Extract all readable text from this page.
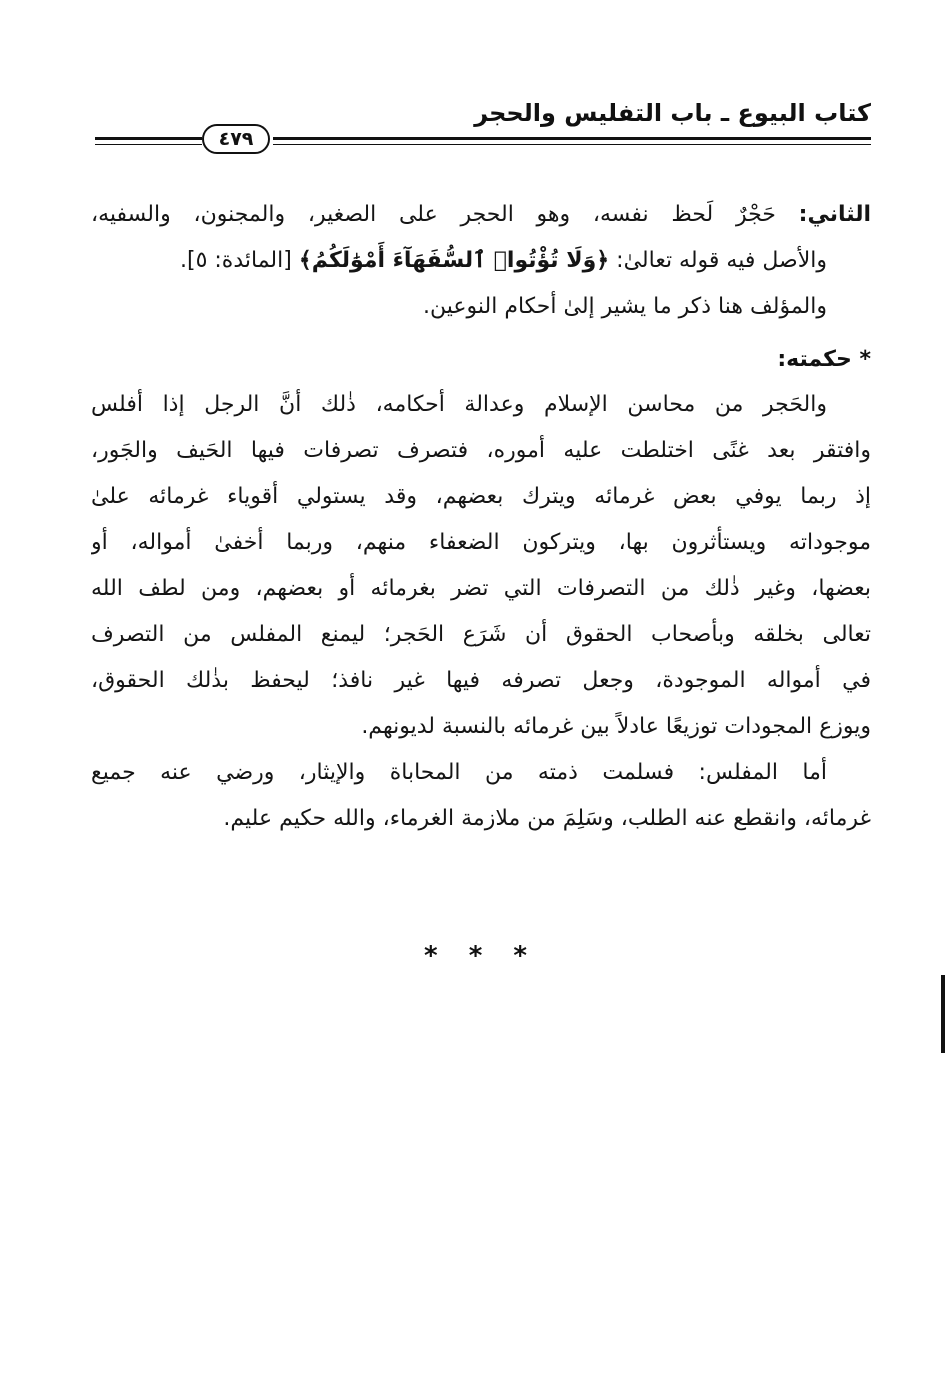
كتاب البيوع ـ باب التفليس والحجر
٤٧٩
الثاني: حَجْرٌ لَحظ نفسه، وهو الحجر على الصغير، والمجنون، والسفيه،
والأصل فيه قوله تعالىٰ: ﴿وَلَا تُؤْتُوا۟ ٱلسُّفَهَآءَ أَمْوَٰلَكُمُ﴾ [المائدة: ٥].
والمؤلف هنا ذكر ما يشير إلىٰ أحكام النوعين.
* حكمته:
والحَجر من محاسن الإسلام وعدالة أحكامه، ذٰلك أنَّ الرجل إذا أفلس
وافتقر بعد غنًى اختلطت عليه أموره، فتصرف تصرفات فيها الحَيف والجَور،
إذ ربما يوفي بعض غرمائه ويترك بعضهم، وقد يستولي أقوياء غرمائه علىٰ
موجوداته ويستأثرون بها، ويتركون الضعفاء منهم، وربما أخفىٰ أمواله، أو
بعضها، وغير ذٰلك من التصرفات التي تضر بغرمائه أو بعضهم، ومن لطف الله
تعالى بخلقه وبأصحاب الحقوق أن شَرَع الحَجر؛ ليمنع المفلس من التصرف
في أمواله الموجودة، وجعل تصرفه فيها غير نافذ؛ ليحفظ بذٰلك الحقوق،
ويوزع المجودات توزيعًا عادلاً بين غرمائه بالنسبة لديونهم.
أما المفلس: فسلمت ذمته من المحاباة والإيثار، ورضي عنه جميع
غرمائه، وانقطع عنه الطلب، وسَلِمَ من ملازمة الغرماء، والله حكيم عليم.
* * *
